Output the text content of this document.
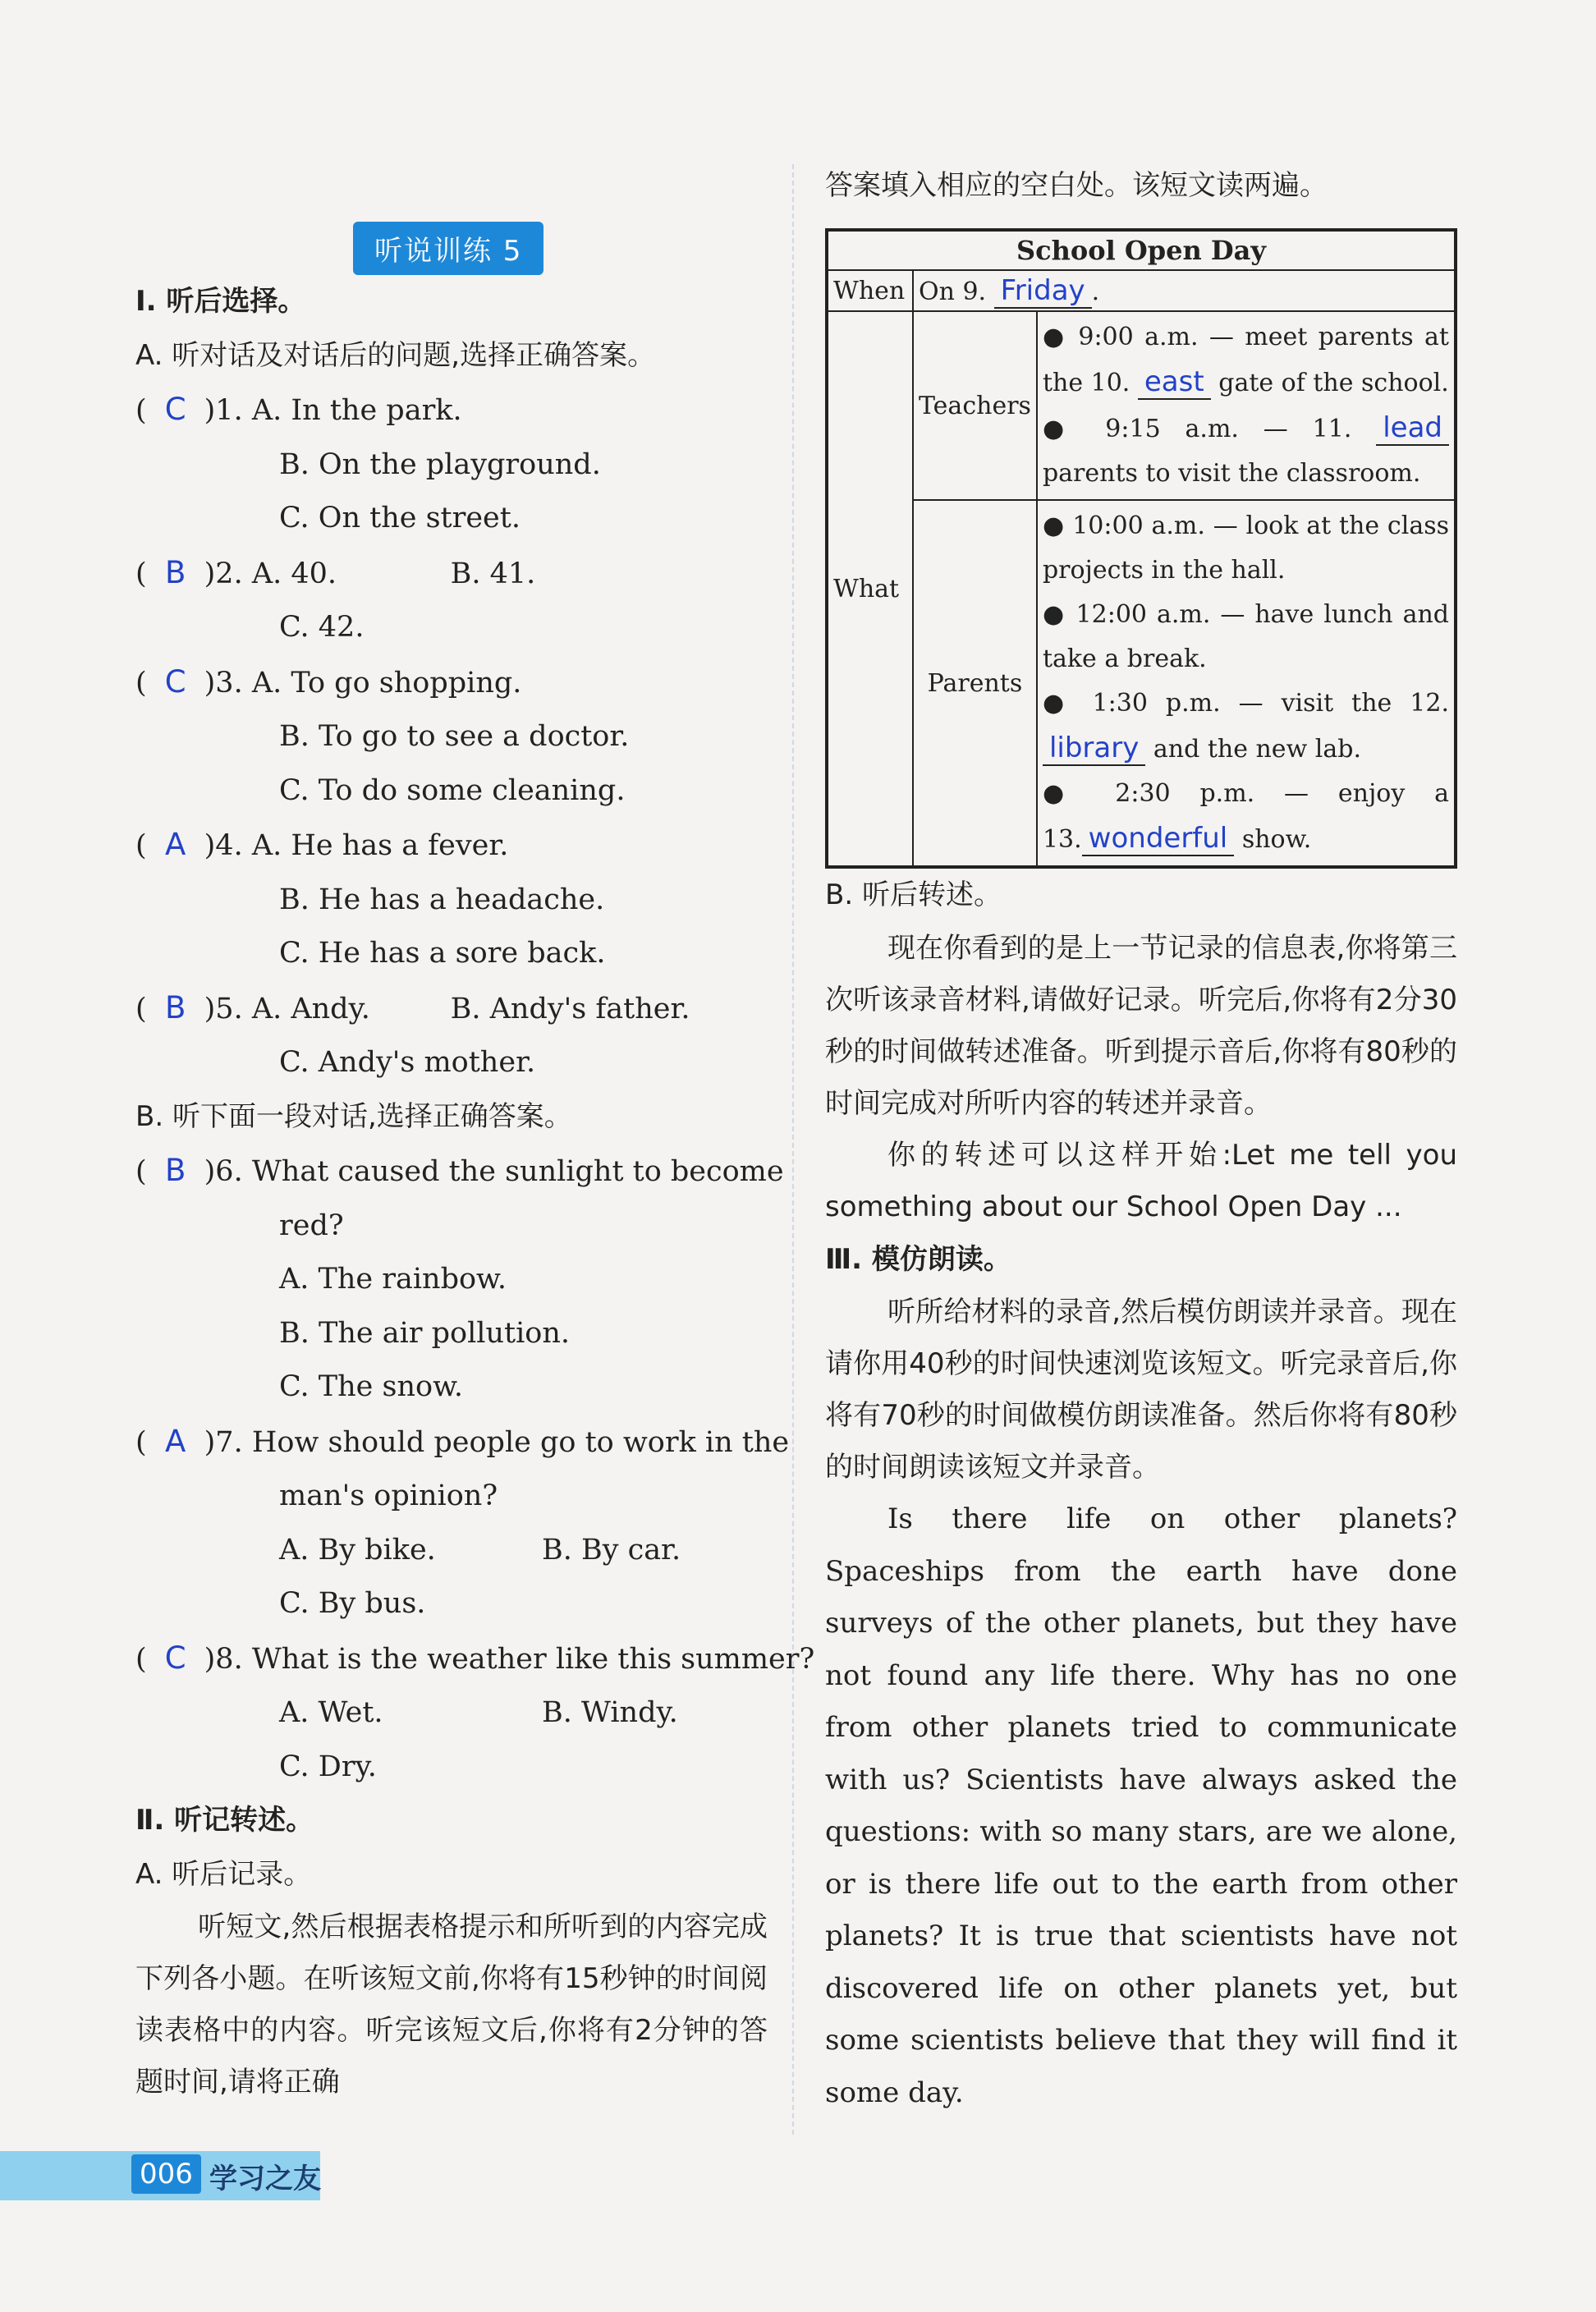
听说训练 5
Ⅰ. 听后选择。
A. 听对话及对话后的问题,选择正确答案。
( C )1. A. In the park.
B. On the playground.
C. On the street.
( B )2. A. 40.	B. 41.
C. 42.
( C )3. A. To go shopping.
B. To go to see a doctor.
C. To do some cleaning.
( A )4. A. He has a fever.
B. He has a headache.
C. He has a sore back.
( B )5. A. Andy.	B. Andy's father.
C. Andy's mother.
B. 听下面一段对话,选择正确答案。
( B )6. What caused the sunlight to become
red?
A. The rainbow.
B. The air pollution.
C. The snow.
( A )7. How should people go to work in the
man's opinion?
A. By bike.	B. By car.
C. By bus.
( C )8. What is the weather like this summer?
A. Wet.	B. Windy.
C. Dry.
Ⅱ. 听记转述。
A. 听后记录。
听短文,然后根据表格提示和所听到的内容完成下列各小题。在听该短文前,你将有15秒钟的时间阅读表格中的内容。听完该短文后,你将有2分钟的答题时间,请将正确
答案填入相应的空白处。该短文读两遍。
School Open Day		
When	On 9. Friday .	
What	Teachers	● 9:00 a.m. — meet parents at the 10. east gate of the school.
● 9:15 a.m. — 11. lead parents to visit the classroom.

	Parents	● 10:00 a.m. — look at the class projects in the hall.
● 12:00 a.m. — have lunch and take a break.
● 1:30 p.m. — visit the 12. library and the new lab.
● 2:30 p.m. — enjoy a 13. wonderful show.
B. 听后转述。
现在你看到的是上一节记录的信息表,你将第三次听该录音材料,请做好记录。听完后,你将有2分30秒的时间做转述准备。听到提示音后,你将有80秒的时间完成对所听内容的转述并录音。
你的转述可以这样开始:Let me tell you something about our School Open Day ...
Ⅲ. 模仿朗读。
听所给材料的录音,然后模仿朗读并录音。现在请你用40秒的时间快速浏览该短文。听完录音后,你将有70秒的时间做模仿朗读准备。然后你将有80秒的时间朗读该短文并录音。
Is there life on other planets? Spaceships from the earth have done surveys of the other planets, but they have not found any life there. Why has no one from other planets tried to communicate with us? Scientists have always asked the questions: with so many stars, are we alone, or is there life out to the earth from other planets? It is true that scientists have not discovered life on other planets yet, but some scientists believe that they will find it some day.
006 学习之友
